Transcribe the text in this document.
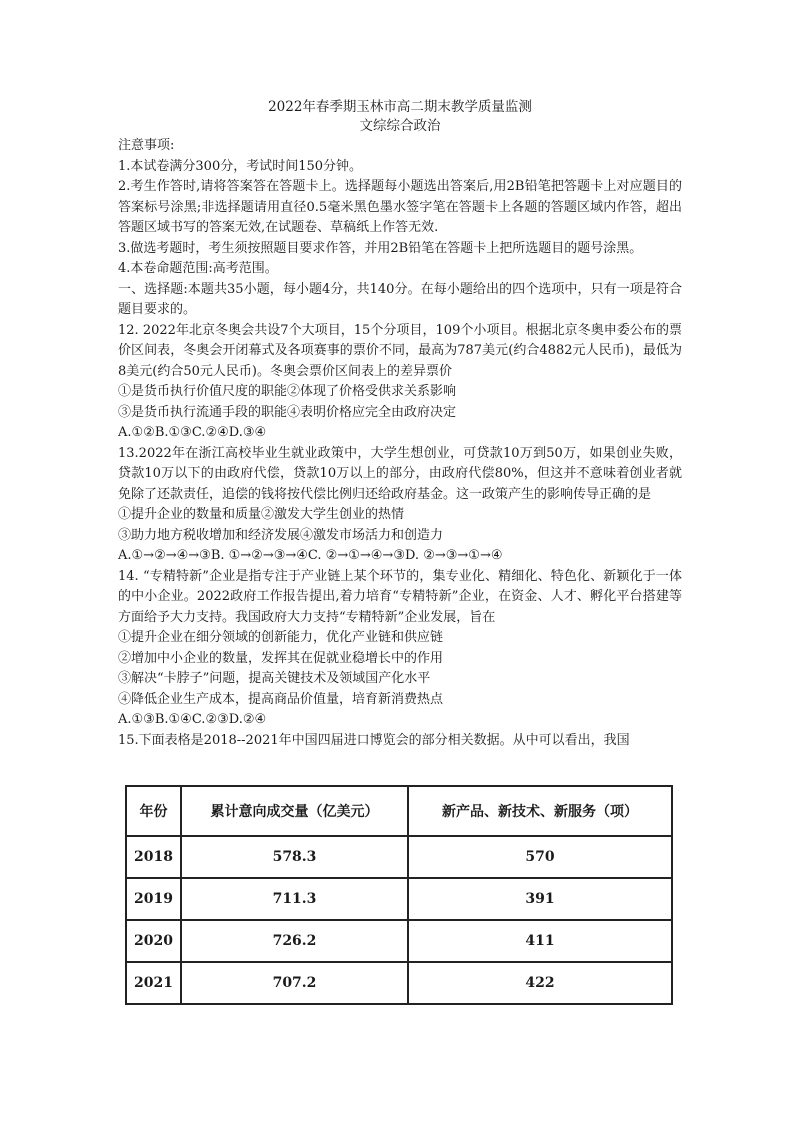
2022年春季期玉林市高二期末教学质量监测
文综综合政治

注意事项:

1.本试卷满分300分，考试时间150分钟。

2.考生作答时,请将答案答在答题卡上。选择题每小题选出答案后,用2B铅笔把答题卡上对应题目的答案标号涂黑;非选择题请用直径0.5毫米黑色墨水签字笔在答题卡上各题的答题区域内作答，超出答题区域书写的答案无效,在试题卷、草稿纸上作答无效.

3.做选考题时，考生须按照题目要求作答，并用2B铅笔在答题卡上把所选题目的题号涂黑。

4.本卷命题范围:高考范围。

一、选择题:本题共35小题，每小题4分，共140分。在每小题给出的四个选项中，只有一项是符合题目要求的。

12. 2022年北京冬奥会共设7个大项目，15个分项目，109个小项目。根据北京冬奥申委公布的票价区间表，冬奥会开闭幕式及各项赛事的票价不同，最高为787美元(约合4882元人民币)，最低为8美元(约合50元人民币)。冬奥会票价区间表上的差异票价

①是货币执行价值尺度的职能②体现了价格受供求关系影响

③是货币执行流通手段的职能④表明价格应完全由政府决定

A.①②B.①③C.②④D.③④

13.2022年在浙江高校毕业生就业政策中，大学生想创业，可贷款10万到50万，如果创业失败，贷款10万以下的由政府代偿，贷款10万以上的部分，由政府代偿80%，但这并不意味着创业者就免除了还款责任，追偿的钱将按代偿比例归还给政府基金。这一政策产生的影响传导正确的是

①提升企业的数量和质量②激发大学生创业的热情

③助力地方税收增加和经济发展④激发市场活力和创造力

A.①→②→④→③B. ①→②→③→④C. ②→①→④→③D. ②→③→①→④

14. “专精特新”企业是指专注于产业链上某个环节的，集专业化、精细化、特色化、新颖化于一体的中小企业。2022政府工作报告提出,着力培育“专精特新”企业，在资金、人才、孵化平台搭建等方面给予大力支持。我国政府大力支持“专精特新”企业发展，旨在

①提升企业在细分领域的创新能力，优化产业链和供应链

②增加中小企业的数量，发挥其在促就业稳增长中的作用

③解决“卡脖子”问题，提高关键技术及领域国产化水平

④降低企业生产成本，提高商品价值量，培育新消费热点

A.①③B.①④C.②③D.②④

15.下面表格是2018--2021年中国四届进口博览会的部分相关数据。从中可以看出，我国

年份	累计意向成交量（亿美元）	新产品、新技术、新服务（项）
2018	578.3	570
2019	711.3	391
2020	726.2	411
2021	707.2	422
